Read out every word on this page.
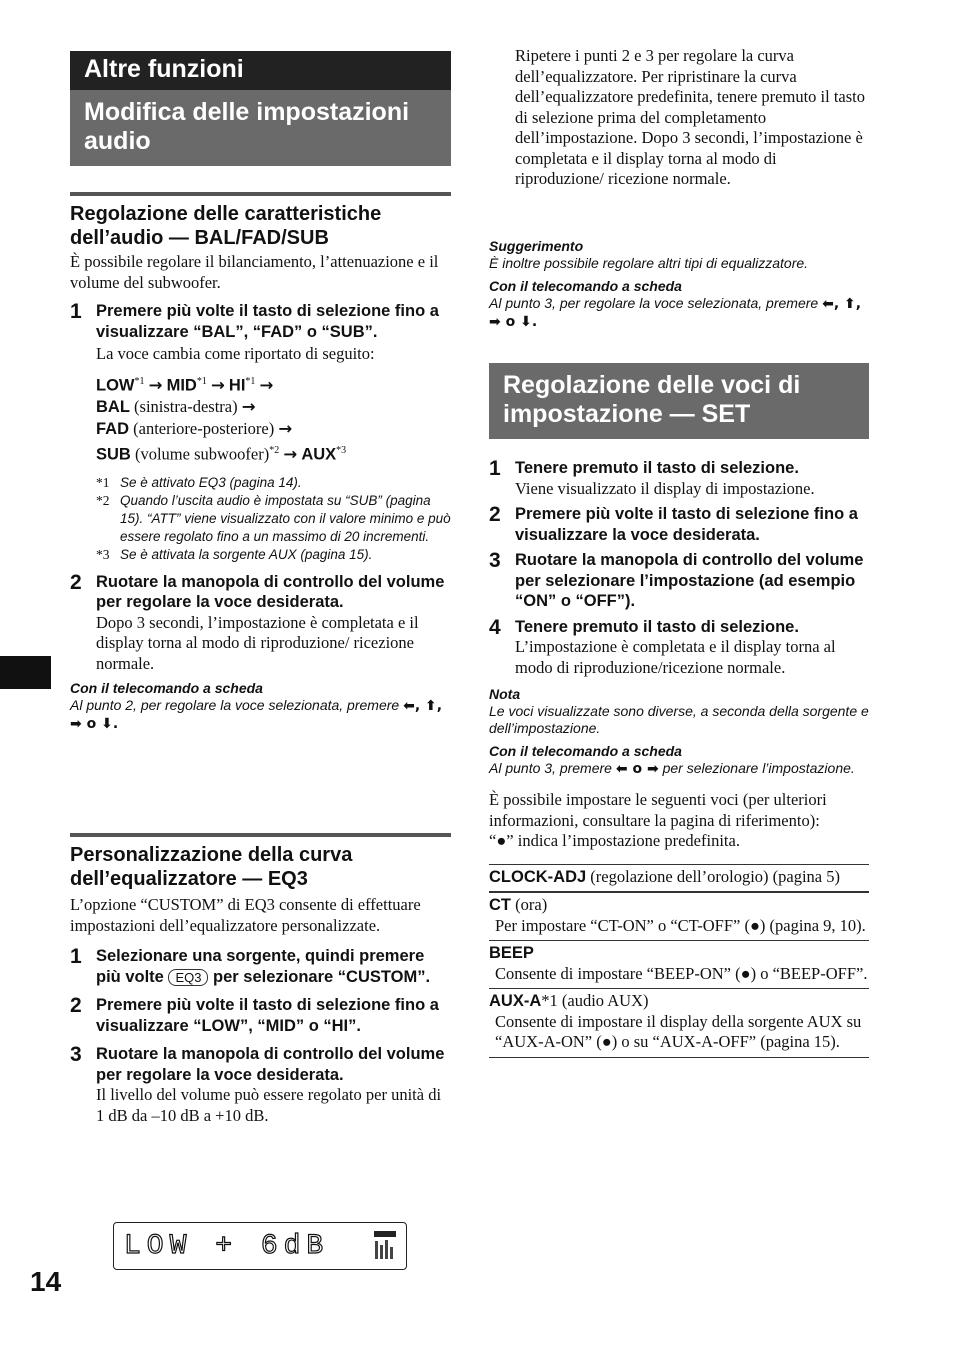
Altre funzioni
Modifica delle impostazioni audio
Regolazione delle caratteristiche dell’audio — BAL/FAD/SUB

È possibile regolare il bilanciamento, l’attenuazione e il volume del subwoofer.

1 Premere più volte il tasto di selezione fino a visualizzare “BAL”, “FAD” o “SUB”.
La voce cambia come riportato di seguito:
$LOW^{*1} \to MID^{*1} \to HI^{*1}$ →
BAL (sinistra-destra) →
FAD (anteriore-posteriore) →
SUB (volume subwoofer)$^{*2}$ → $AUX^{*3}$
*1 Se è attivato EQ3 (pagina 14).
*2 Quando l’uscita audio è impostata su “SUB” (pagina 15). “ATT” viene visualizzato con il valore minimo e può essere regolato fino a un massimo di 20 incrementi.
*3 Se è attivata la sorgente AUX (pagina 15).
2 Ruotare la manopola di controllo del volume per regolare la voce desiderata.
Dopo 3 secondi, l’impostazione è completata e il display torna al modo di riproduzione/ ricezione normale.
Con il telecomando a scheda
Al punto 2, per regolare la voce selezionata, premere ⬅, ⬆, ➡ o ⬇.
Personalizzazione della curva dell’equalizzatore — EQ3

L’opzione “CUSTOM” di EQ3 consente di effettuare impostazioni dell’equalizzatore personalizzate.

1 Selezionare una sorgente, quindi premere più volte EQ3 per selezionare “CUSTOM”.
2 Premere più volte il tasto di selezione fino a visualizzare “LOW”, “MID” o “HI”.
3 Ruotare la manopola di controllo del volume per regolare la voce desiderata.
Il livello del volume può essere regolato per unità di 1 dB da –10 dB a +10 dB.
LOW + 6dB

Ripetere i punti 2 e 3 per regolare la curva dell’equalizzatore. Per ripristinare la curva dell’equalizzatore predefinita, tenere premuto il tasto di selezione prima del completamento dell’impostazione. Dopo 3 secondi, l’impostazione è completata e il display torna al modo di riproduzione/ ricezione normale.

Suggerimento
È inoltre possibile regolare altri tipi di equalizzatore.
Con il telecomando a scheda
Al punto 3, per regolare la voce selezionata, premere ⬅, ⬆, ➡ o ⬇.
Regolazione delle voci di impostazione — SET
1 Tenere premuto il tasto di selezione.
Viene visualizzato il display di impostazione.
2 Premere più volte il tasto di selezione fino a visualizzare la voce desiderata.
3 Ruotare la manopola di controllo del volume per selezionare l’impostazione (ad esempio “ON” o “OFF”).
4 Tenere premuto il tasto di selezione.
L’impostazione è completata e il display torna al modo di riproduzione/ricezione normale.
Nota
Le voci visualizzate sono diverse, a seconda della sorgente e dell’impostazione.
Con il telecomando a scheda
Al punto 3, premere ⬅ o ➡ per selezionare l’impostazione.

È possibile impostare le seguenti voci (per ulteriori informazioni, consultare la pagina di riferimento):

“●” indica l’impostazione predefinita.

CLOCK-ADJ (regolazione dell’orologio) (pagina 5)
CT (ora)
Per impostare “CT-ON” o “CT-OFF” (●) (pagina 9, 10).
BEEP
Consente di impostare “BEEP-ON” (●) o “BEEP-OFF”.
AUX-A*1 (audio AUX)
Consente di impostare il display della sorgente AUX su “AUX-A-ON” (●) o su “AUX-A-OFF” (pagina 15).
14
